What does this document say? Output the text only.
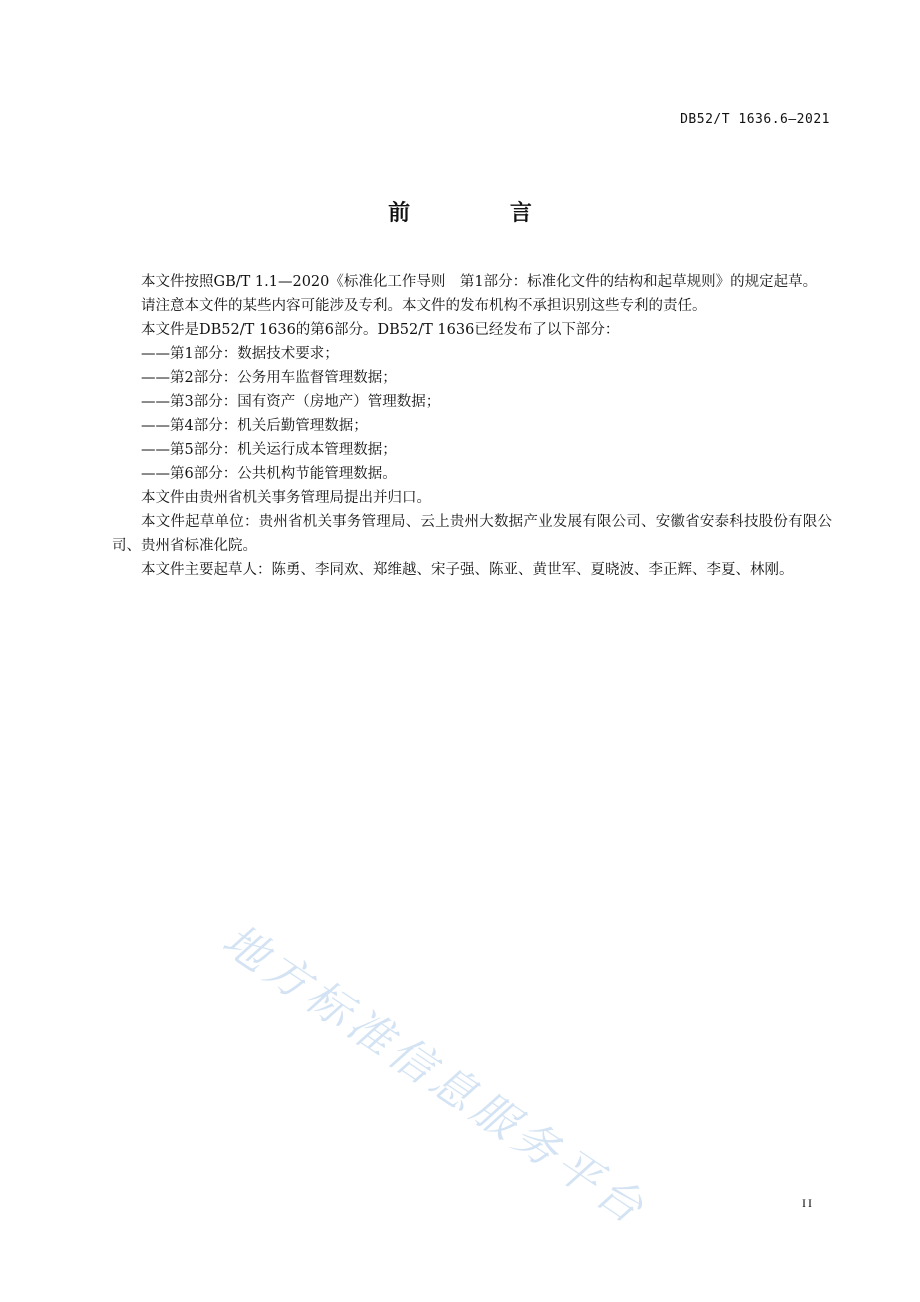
DB52/T 1636.6—2021
前 言

本文件按照GB/T 1.1—2020《标准化工作导则　第1部分：标准化文件的结构和起草规则》的规定起草。

请注意本文件的某些内容可能涉及专利。本文件的发布机构不承担识别这些专利的责任。

本文件是DB52/T 1636的第6部分。DB52/T 1636已经发布了以下部分：

——第1部分：数据技术要求；

——第2部分：公务用车监督管理数据；

——第3部分：国有资产（房地产）管理数据；

——第4部分：机关后勤管理数据；

——第5部分：机关运行成本管理数据；

——第6部分：公共机构节能管理数据。

本文件由贵州省机关事务管理局提出并归口。

本文件起草单位：贵州省机关事务管理局、云上贵州大数据产业发展有限公司、安徽省安泰科技股份有限公司、贵州省标准化院。

本文件主要起草人：陈勇、李同欢、郑维越、宋子强、陈亚、黄世军、夏晓波、李正辉、李夏、林刚。

地方标准信息服务平台	II
